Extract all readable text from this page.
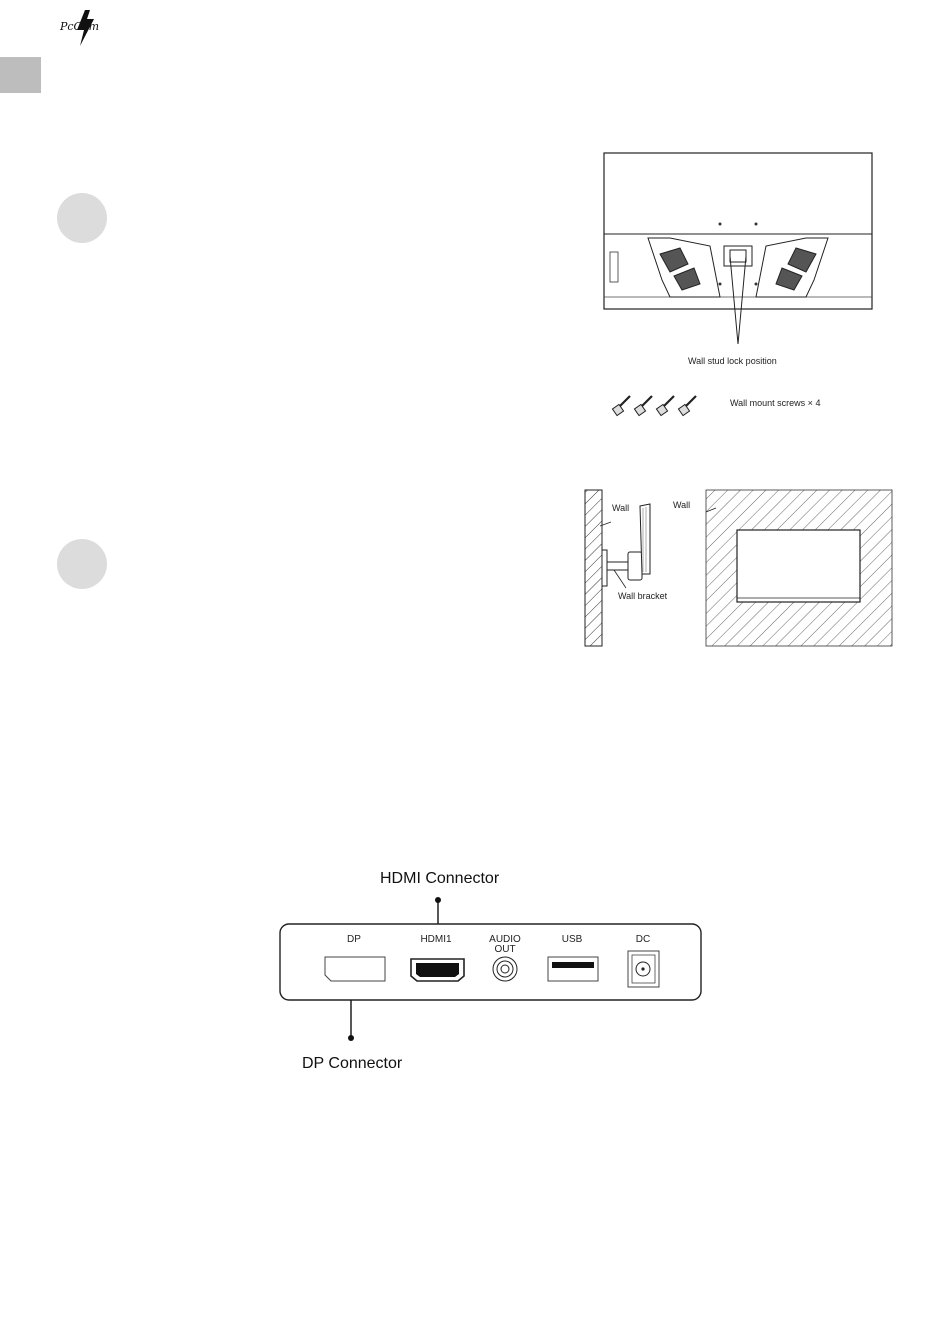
PcCom
Wall stud lock position
Wall mount screws × 4
Wall
Wall bracket
Wall
HDMI Connector
DP Connector
DP	HDMI1	AUDIO
OUT
USB	DC
